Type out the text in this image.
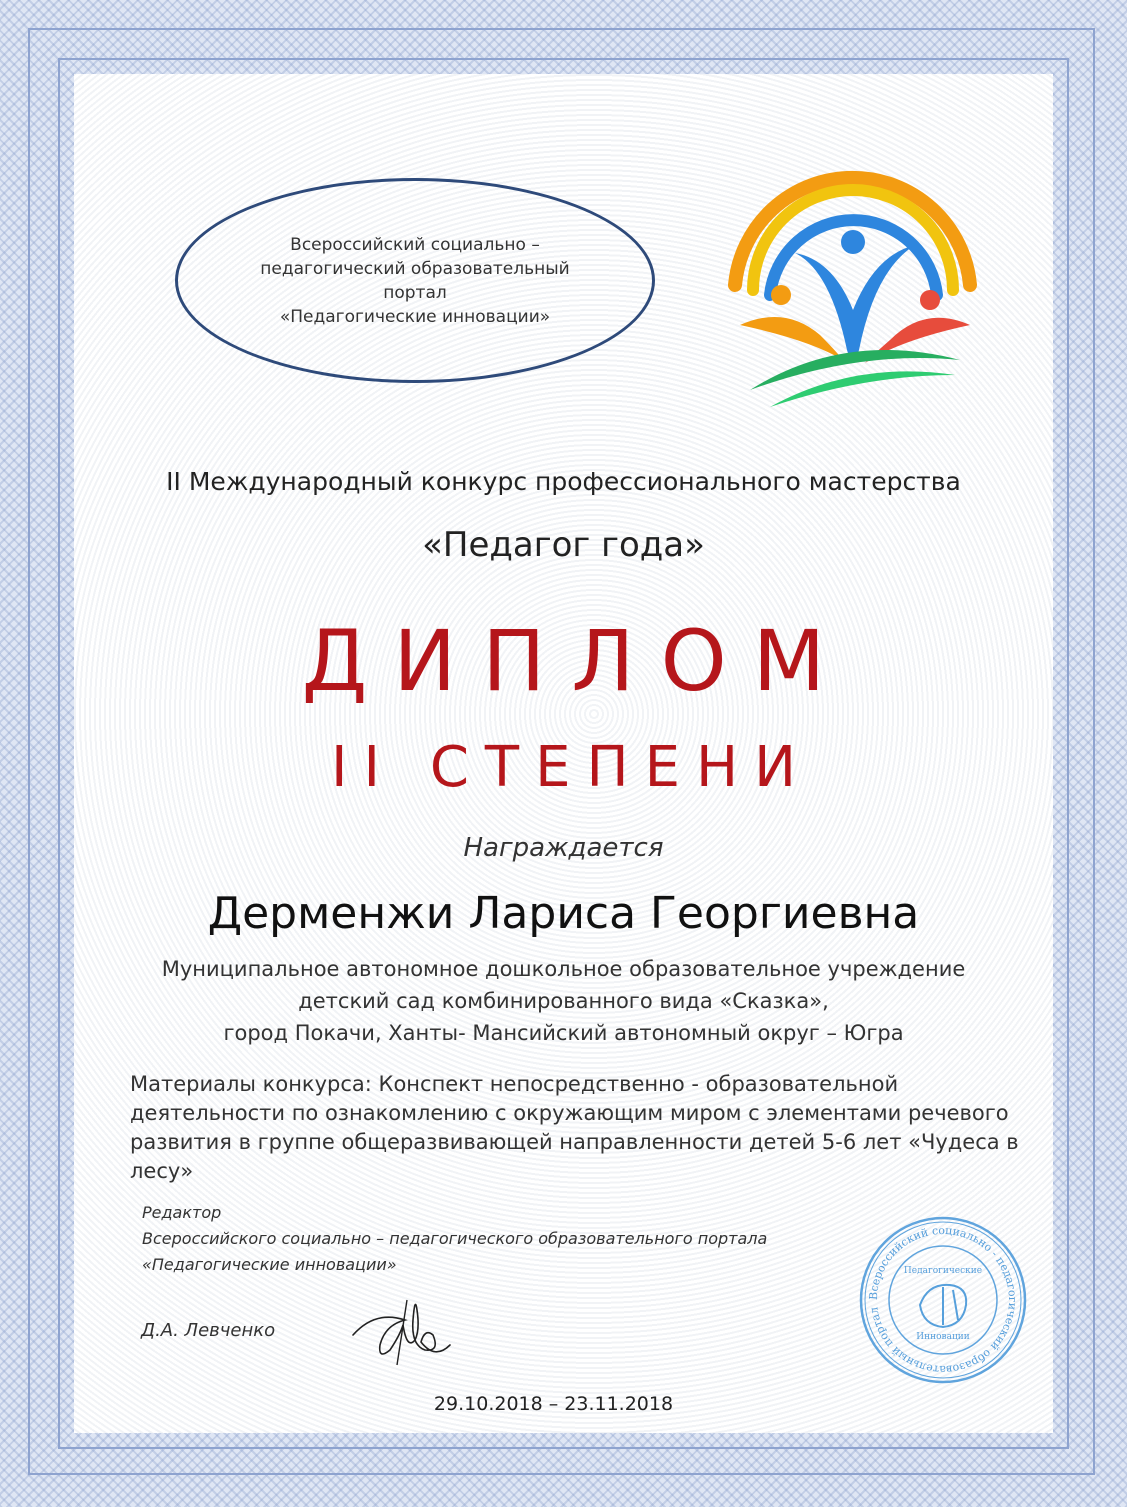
Всероссийский социально –
педагогический образовательный
портал
«Педагогические инновации»
II Международный конкурс профессионального мастерства
«Педагог года»
ДИПЛОМ
II СТЕПЕНИ
Награждается
Дерменжи Лариса Георгиевна
Муниципальное автономное дошкольное образовательное учреждение
детский сад комбинированного вида «Сказка»,
город Покачи, Ханты- Мансийский автономный округ – Югра
Материалы конкурса: Конспект непосредственно - образовательной деятельности по ознакомлению с окружающим миром с элементами речевого развития в группе общеразвивающей направленности детей 5-6 лет «Чудеса в лесу»
Редактор
Всероссийского социально – педагогического образовательного портала
«Педагогические инновации»
Д.А. Левченко
Всероссийский социально - педагогический образовательный портал
Педагогические
Инновации
29.10.2018 – 23.11.2018
